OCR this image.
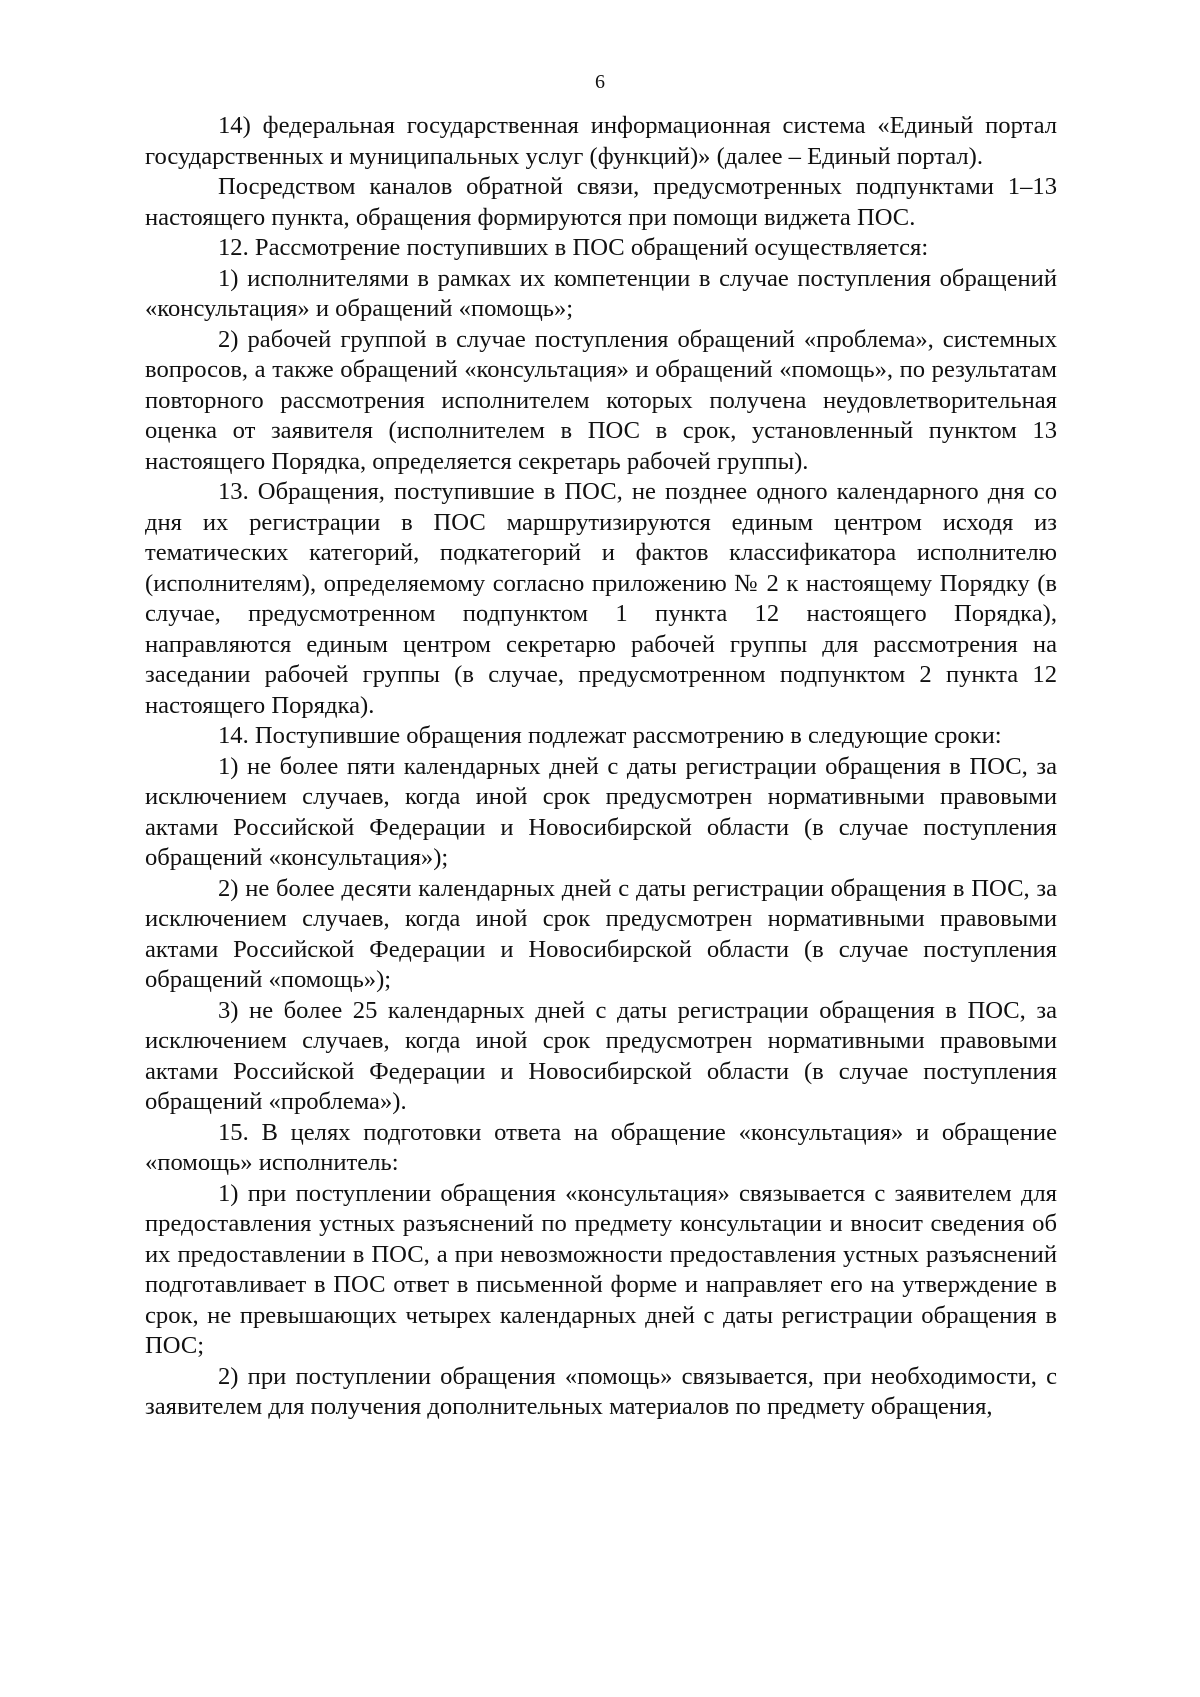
6

14) федеральная государственная информационная система «Единый портал государственных и муниципальных услуг (функций)» (далее – Единый портал).

Посредством каналов обратной связи, предусмотренных подпунктами 1–13 настоящего пункта, обращения формируются при помощи виджета ПОС.

12. Рассмотрение поступивших в ПОС обращений осуществляется:

1) исполнителями в рамках их компетенции в случае поступления обращений «консультация» и обращений «помощь»;

2) рабочей группой в случае поступления обращений «проблема», системных вопросов, а также обращений «консультация» и обращений «помощь», по результатам повторного рассмотрения исполнителем которых получена неудовлетворительная оценка от заявителя (исполнителем в ПОС в срок, установленный пунктом 13 настоящего Порядка, определяется секретарь рабочей группы).

13. Обращения, поступившие в ПОС, не позднее одного календарного дня со дня их регистрации в ПОС маршрутизируются единым центром исходя из тематических категорий, подкатегорий и фактов классификатора исполнителю (исполнителям), определяемому согласно приложению № 2 к настоящему Порядку (в случае, предусмотренном подпунктом 1 пункта 12 настоящего Порядка), направляются единым центром секретарю рабочей группы для рассмотрения на заседании рабочей группы (в случае, предусмотренном подпунктом 2 пункта 12 настоящего Порядка).

14. Поступившие обращения подлежат рассмотрению в следующие сроки:

1) не более пяти календарных дней с даты регистрации обращения в ПОС, за исключением случаев, когда иной срок предусмотрен нормативными правовыми актами Российской Федерации и Новосибирской области (в случае поступления обращений «консультация»);

2) не более десяти календарных дней с даты регистрации обращения в ПОС, за исключением случаев, когда иной срок предусмотрен нормативными правовыми актами Российской Федерации и Новосибирской области (в случае поступления обращений «помощь»);

3) не более 25 календарных дней с даты регистрации обращения в ПОС, за исключением случаев, когда иной срок предусмотрен нормативными правовыми актами Российской Федерации и Новосибирской области (в случае поступления обращений «проблема»).

15. В целях подготовки ответа на обращение «консультация» и обращение «помощь» исполнитель:

1) при поступлении обращения «консультация» связывается с заявителем для предоставления устных разъяснений по предмету консультации и вносит сведения об их предоставлении в ПОС, а при невозможности предоставления устных разъяснений подготавливает в ПОС ответ в письменной форме и направляет его на утверждение в срок, не превышающих четырех календарных дней с даты регистрации обращения в ПОС;

2) при поступлении обращения «помощь» связывается, при необходимости, с заявителем для получения дополнительных материалов по предмету обращения,
